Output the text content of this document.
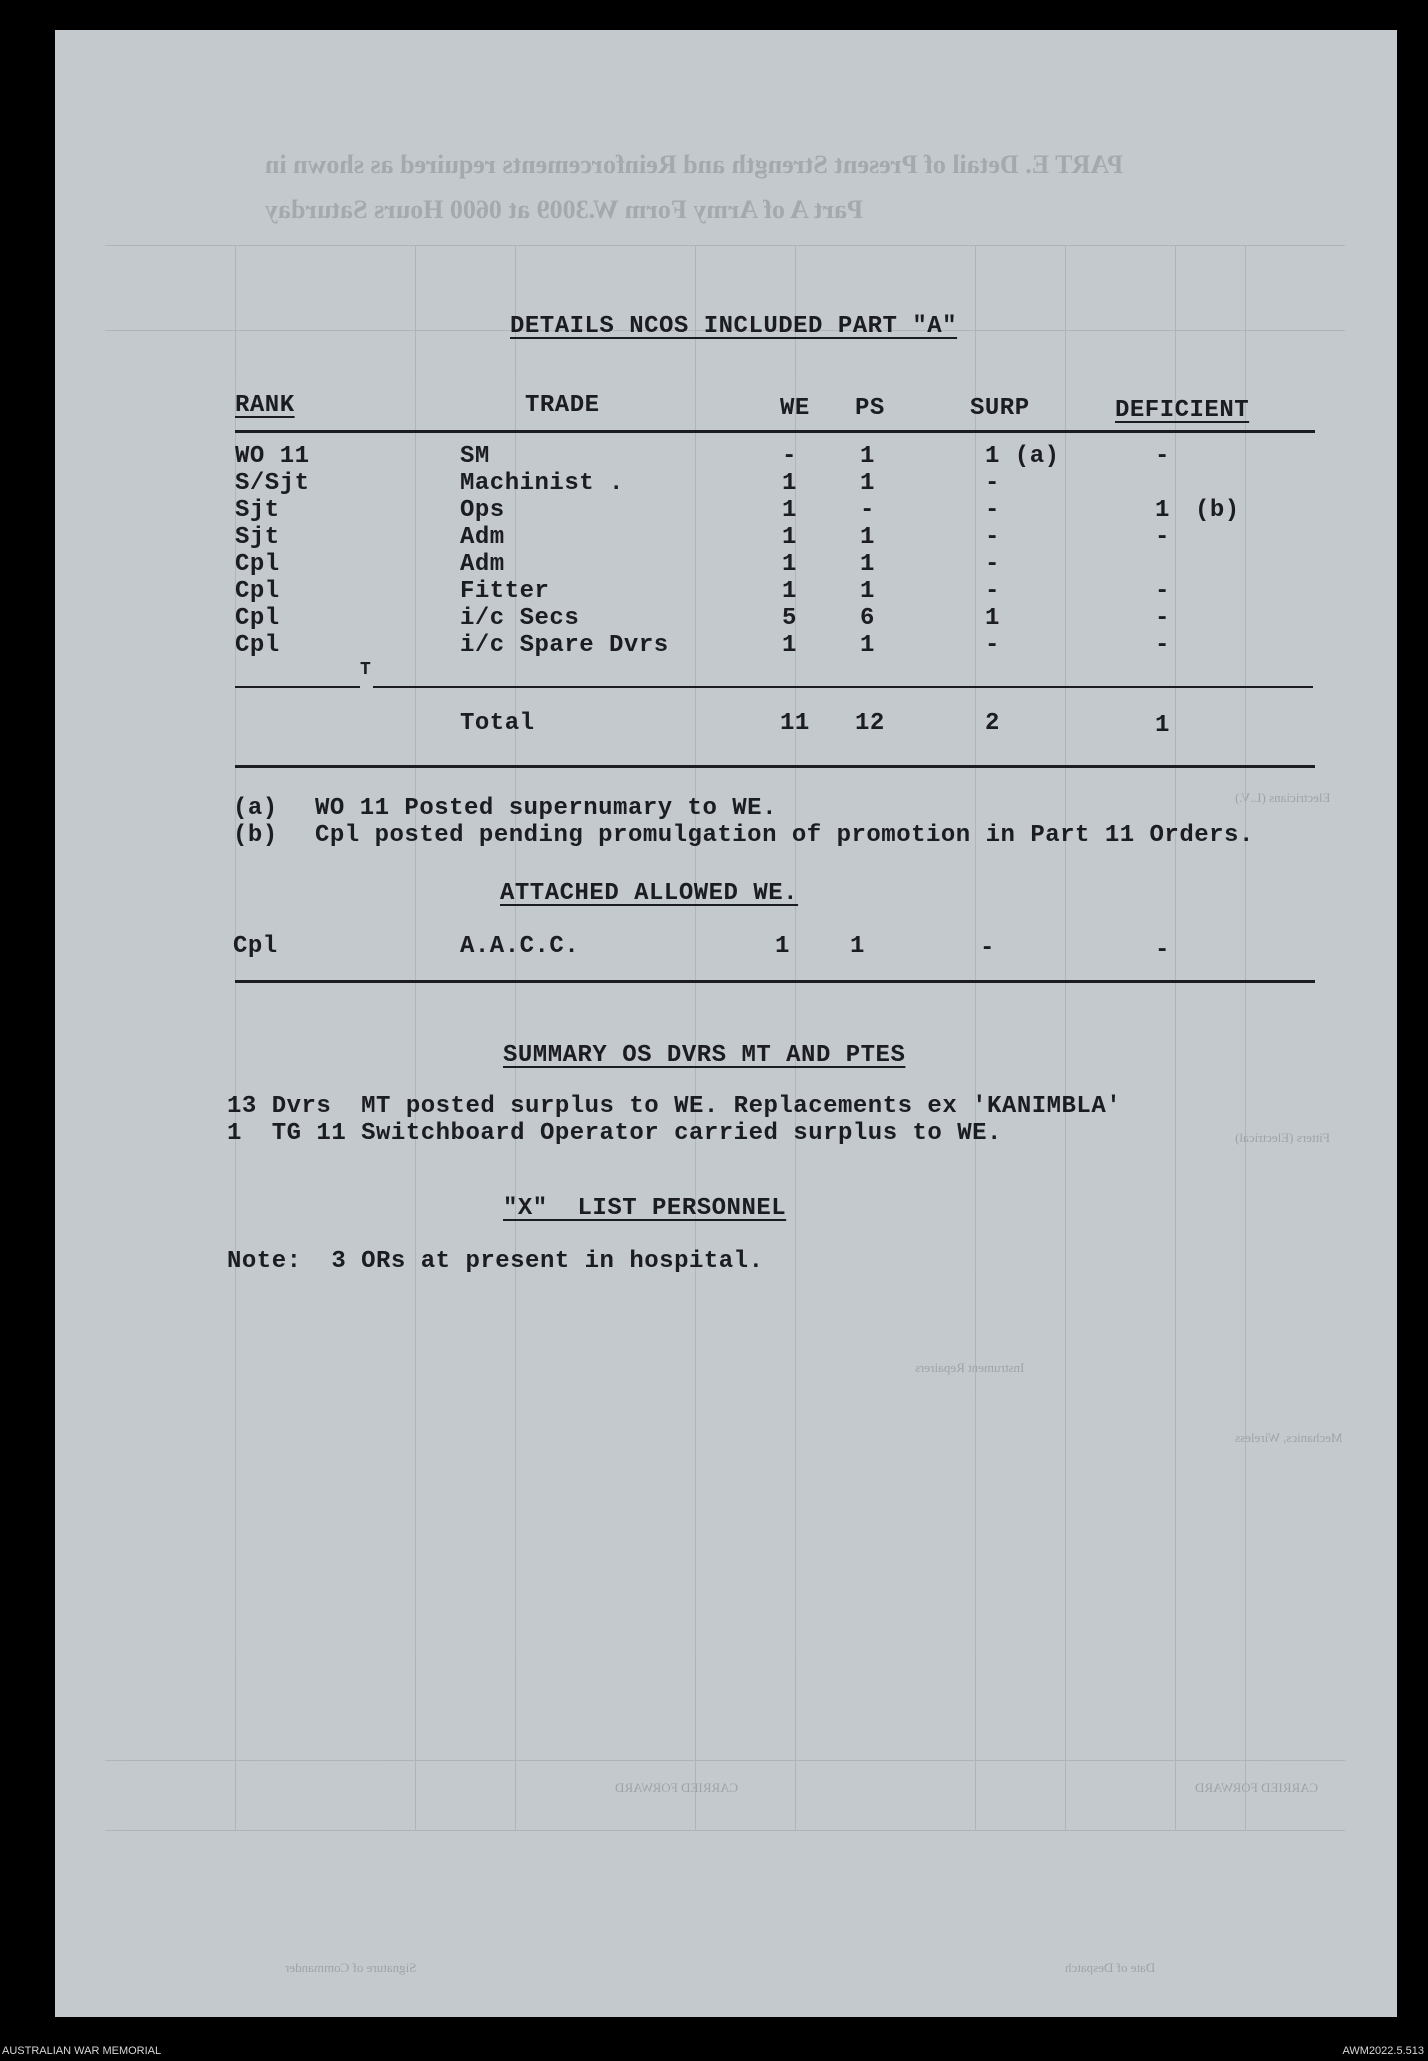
PART E. Detail of Present Strength and Reinforcements required as shown in
Part A of Army Form W.3009 at 0600 Hours Saturday
Electricians (L.V.)
Fitters (Electrical)
Mechanics, Wireless
Instrument Repairers
CARRIED FORWARD	CARRIED FORWARD
Date of Despatch
Signature of Commander
DETAILS NCOS INCLUDED PART "A"
RANK	TRADE	WE PS	SURP	DEFICIENT
WO 11	SM	-	1	1 (a)	-
S/Sjt	Machinist .	1	1	-
Sjt	Ops	1	-	-	1 (b)
Sjt	Adm	1	1	-	-
Cpl	Adm	1	1	-
Cpl	Fitter	1	1	-	-
Cpl	i/c Secs	5	6	1	-
Cpl	i/c Spare Dvrs	1	1	-	-
T
Total	11 12	2	1
(a) WO 11 Posted supernumary to WE.
(b) Cpl posted pending promulgation of promotion in Part 11 Orders.
ATTACHED ALLOWED WE.
Cpl	A.A.C.C.	1	1	-	-
SUMMARY OS DVRS MT AND PTES
13 Dvrs  MT posted surplus to WE. Replacements ex 'KANIMBLA'
1  TG 11 Switchboard Operator carried surplus to WE.
"X"  LIST PERSONNEL
Note:  3 ORs at present in hospital.
AUSTRALIAN WAR MEMORIAL	AWM2022.5.513
